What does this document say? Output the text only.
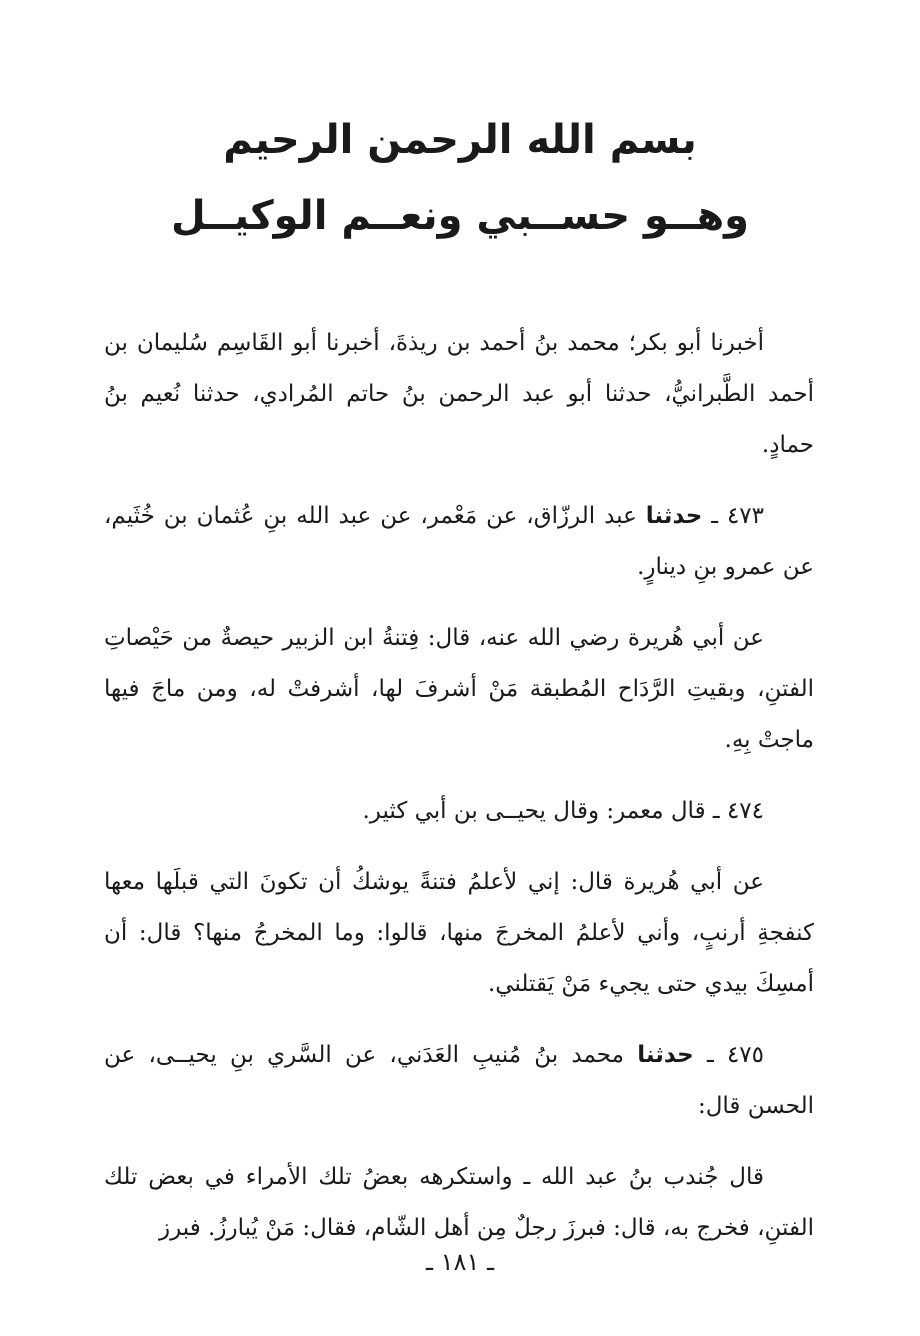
بسم الله الرحمن الرحيم
وهــو حســبي ونعــم الوكيــل

أخبرنا أبو بكر؛ محمد بنُ أحمد بن ريذةَ، أخبرنا أبو القَاسِم سُليمان بن أحمد الطَّبرانيُّ، حدثنا أبو عبد الرحمن بنُ حاتم المُرادي، حدثنا نُعيم بنُ حمادٍ.

٤٧٣ ـ حدثنا عبد الرزّاق، عن مَعْمر، عن عبد الله بنِ عُثمان بن خُثَيم، عن عمرو بنِ دينارٍ.

عن أبي هُريرة رضي الله عنه، قال: فِتنةُ ابن الزبير حيصةٌ من حَيْصاتِ الفتنِ، وبقيتِ الرَّدَاح المُطبقة مَنْ أشرفَ لها، أشرفتْ له، ومن ماجَ فيها ماجتْ بِهِ.

٤٧٤ ـ قال معمر: وقال يحيــى بن أبي كثير.

عن أبي هُريرة قال: إني لأعلمُ فتنةً يوشكُ أن تكونَ التي قبلَها معها كنفجةِ أرنبٍ، وأني لأعلمُ المخرجَ منها، قالوا: وما المخرجُ منها؟ قال: أن أمسِكَ بيدي حتى يجيء مَنْ يَقتلني.

٤٧٥ ـ حدثنا محمد بنُ مُنيبِ العَدَني، عن السَّري بنِ يحيــى، عن الحسن قال:

قال جُندب بنُ عبد الله ـ واستكرهه بعضُ تلك الأمراء في بعض تلك الفتنِ، فخرج به، قال: فبرزَ رجلٌ مِن أهل الشّام، فقال: مَنْ يُبارزُ. فبرز

ـ ١٨١ ـ
